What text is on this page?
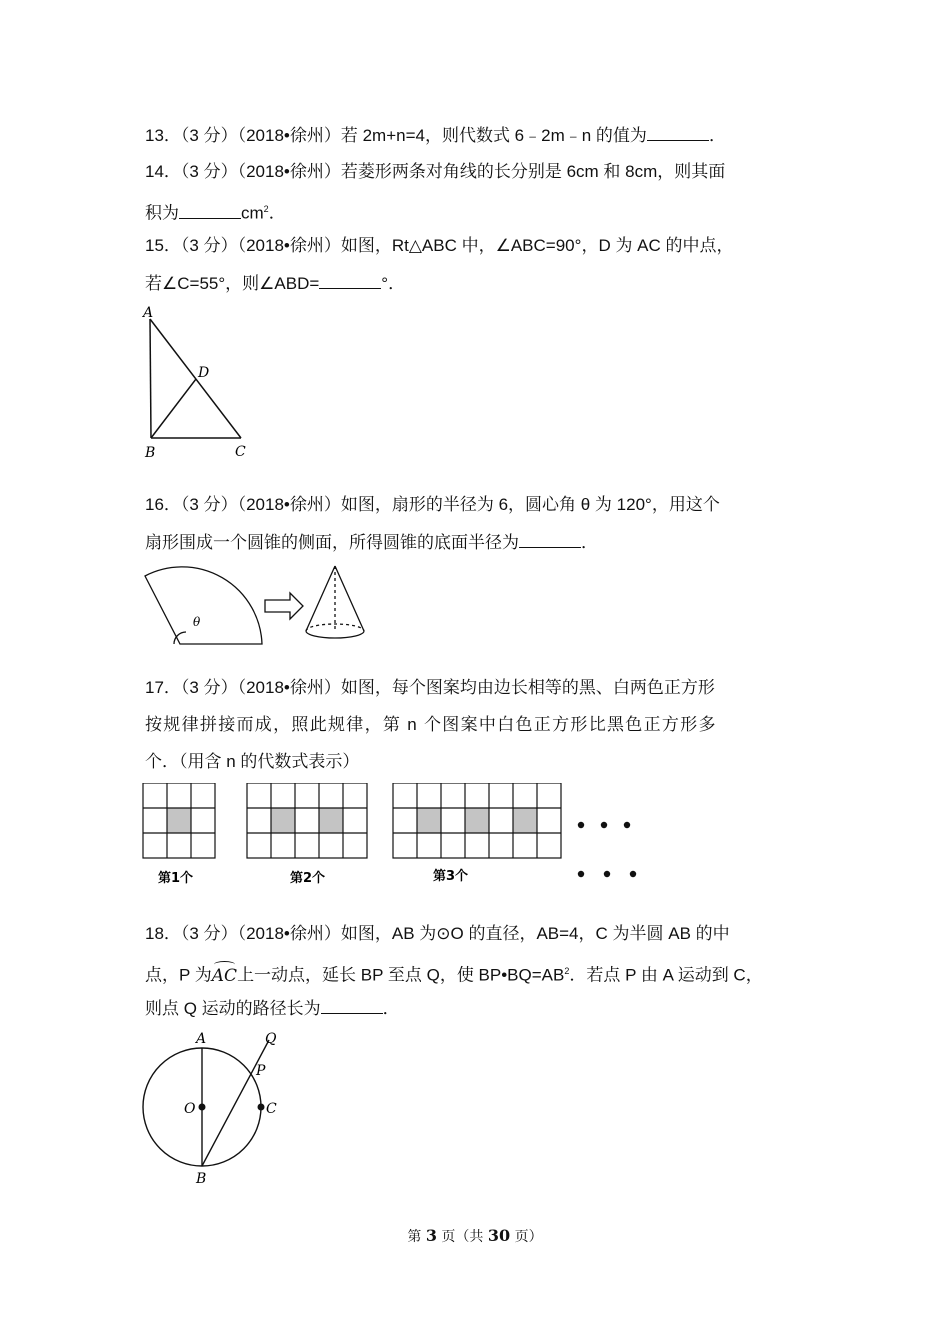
13．（3 分）（2018•徐州）若 2m+n=4，则代数式 6﹣2m﹣n 的值为	．
14．（3 分）（2018•徐州）若菱形两条对角线的长分别是 6cm 和 8cm，则其面
积为	$cm^2$．
15．（3 分）（2018•徐州）如图，Rt△ABC 中，∠ABC=90°，D 为 AC 的中点，
若∠C=55°，则∠ABD=	°．
A
B	C
D
16．（3 分）（2018•徐州）如图，扇形的半径为 6，圆心角 θ 为 120°，用这个
扇形围成一个圆锥的侧面，所得圆锥的底面半径为	．
θ
17．（3 分）（2018•徐州）如图，每个图案均由边长相等的黑、白两色正方形
按规律拼接而成，照此规律，第 n 个图案中白色正方形比黑色正方形多
个．（用含 n 的代数式表示）
第1个	第2个	第3个
18．（3 分）（2018•徐州）如图，AB 为⊙O 的直径，AB=4，C 为半圆 AB 的中
点，P 为AC上一动点，延长 BP 至点 Q，使 $BP•BQ=AB^2$．若点 P 由 A 运动到 C，
则点 Q 运动的路径长为	．
A
B
C
O
P
Q
第 3 页（共 30 页）
